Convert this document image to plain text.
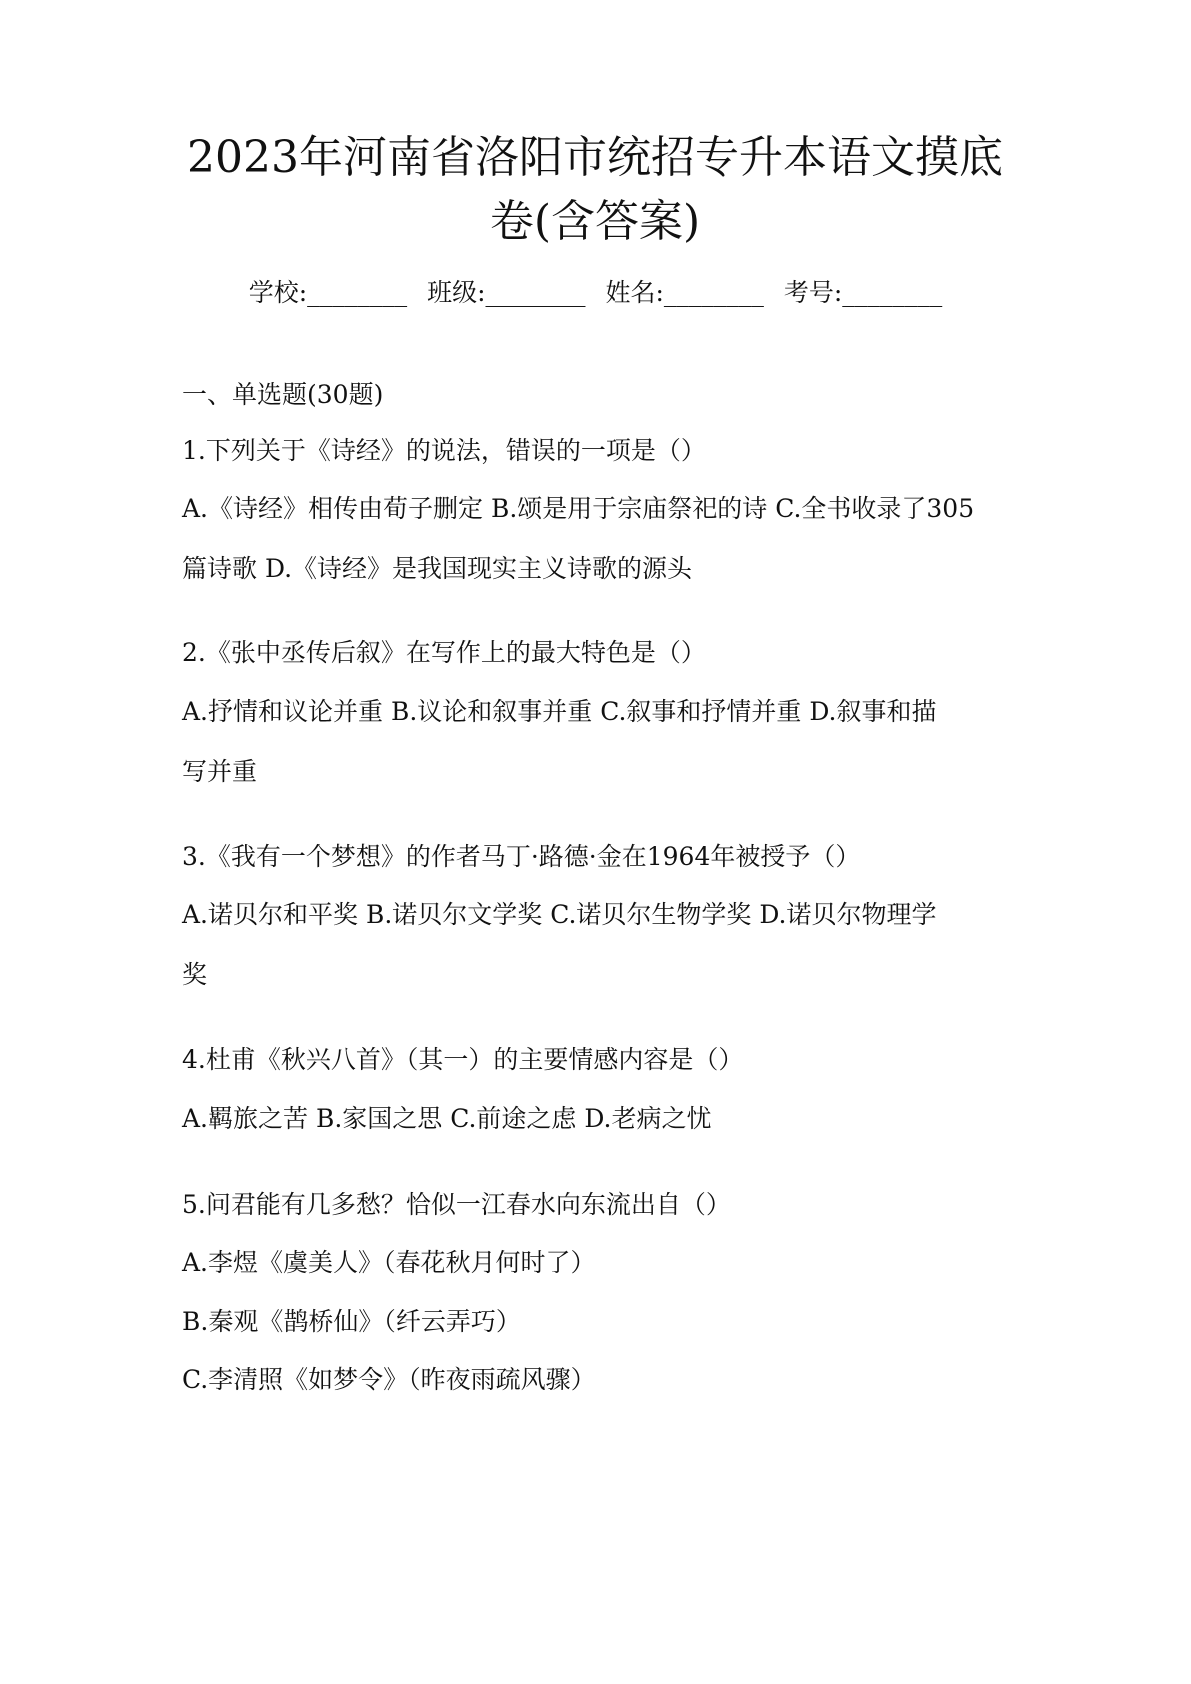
2023年河南省洛阳市统招专升本语文摸底
卷(含答案)
学校:________ 班级:________ 姓名:________ 考号:________

一、单选题(30题)

1.下列关于《诗经》的说法，错误的一项是（）

A.《诗经》相传由荀子删定 B.颂是用于宗庙祭祀的诗 C.全书收录了305

篇诗歌 D.《诗经》是我国现实主义诗歌的源头

2.《张中丞传后叙》在写作上的最大特色是（）

A.抒情和议论并重 B.议论和叙事并重 C.叙事和抒情并重 D.叙事和描

写并重

3.《我有一个梦想》的作者马丁·路德·金在1964年被授予（）

A.诺贝尔和平奖 B.诺贝尔文学奖 C.诺贝尔生物学奖 D.诺贝尔物理学

奖

4.杜甫《秋兴八首》（其一）的主要情感内容是（）

A.羁旅之苦 B.家国之思 C.前途之虑 D.老病之忧

5.问君能有几多愁？恰似一江春水向东流出自（）

A.李煜《虞美人》（春花秋月何时了）

B.秦观《鹊桥仙》（纤云弄巧）

C.李清照《如梦令》（昨夜雨疏风骤）
